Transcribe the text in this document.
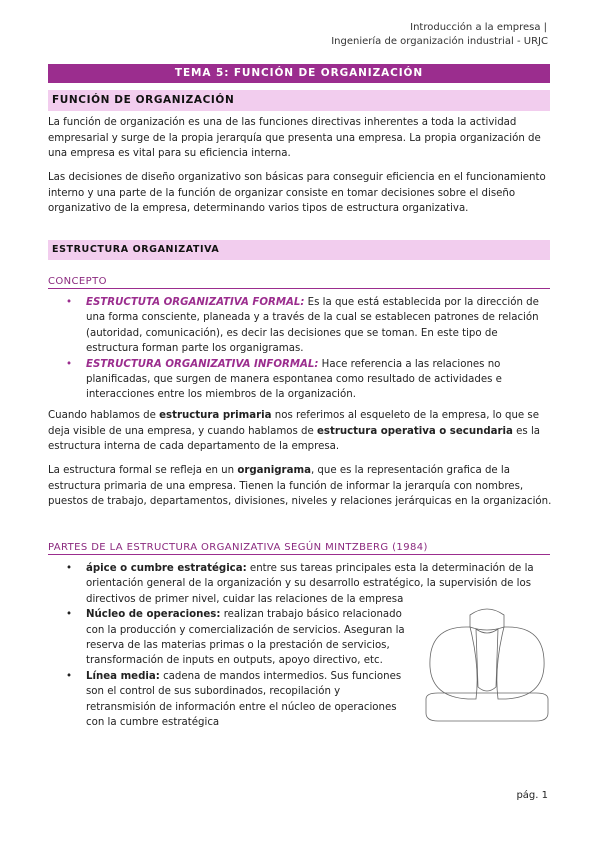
Introducción a la empresa |
Ingeniería de organización industrial - URJC
TEMA 5: FUNCIÓN DE ORGANIZACIÓN
FUNCIÓN DE ORGANIZACIÓN

La función de organización es una de las funciones directivas inherentes a toda la actividad empresarial y surge de la propia jerarquía que presenta una empresa. La propia organización de una empresa es vital para su eficiencia interna.

Las decisiones de diseño organizativo son básicas para conseguir eficiencia en el funcionamiento interno y una parte de la función de organizar consiste en tomar decisiones sobre el diseño organizativo de la empresa, determinando varios tipos de estructura organizativa.

ESTRUCTURA ORGANIZATIVA
CONCEPTO
• ESTRUCTUTA ORGANIZATIVA FORMAL: Es la que está establecida por la dirección de una forma consciente, planeada y a través de la cual se establecen patrones de relación (autoridad, comunicación), es decir las decisiones que se toman. En este tipo de estructura forman parte los organigramas.
• ESTRUCTURA ORGANIZATIVA INFORMAL: Hace referencia a las relaciones no planificadas, que surgen de manera espontanea como resultado de actividades e interacciones entre los miembros de la organización.

Cuando hablamos de estructura primaria nos referimos al esqueleto de la empresa, lo que se deja visible de una empresa, y cuando hablamos de estructura operativa o secundaria es la estructura interna de cada departamento de la empresa.

La estructura formal se refleja en un organigrama, que es la representación grafica de la estructura primaria de una empresa. Tienen la función de informar la jerarquía con nombres, puestos de trabajo, departamentos, divisiones, niveles y relaciones jerárquicas en la organización.

PARTES DE LA ESTRUCTURA ORGANIZATIVA SEGÚN MINTZBERG (1984)
• ápice o cumbre estratégica: entre sus tareas principales esta la determinación de la orientación general de la organización y su desarrollo estratégico, la supervisión de los directivos de primer nivel, cuidar las relaciones de la empresa
• Núcleo de operaciones: realizan trabajo básico relacionado con la producción y comercialización de servicios. Aseguran la reserva de las materias primas o la prestación de servicios, transformación de inputs en outputs, apoyo directivo, etc.
• Línea media: cadena de mandos intermedios. Sus funciones son el control de sus subordinados, recopilación y retransmisión de información entre el núcleo de operaciones con la cumbre estratégica
pág. 1
